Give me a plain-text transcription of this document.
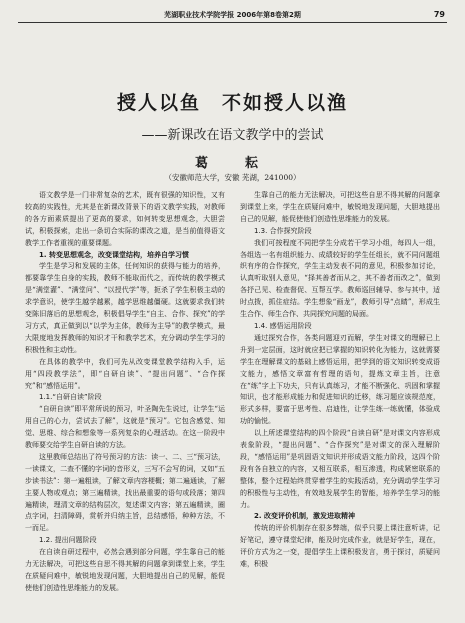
芜湖职业技术学院学报 2006年第8卷第2期	79
授人以鱼　不如授人以渔
——新课改在语文教学中的尝试
葛　耘
（安徽师范大学，安徽 芜湖，241000）

语文教学是一门非常复杂的艺术，既有很强的知识性，又有较高的实践性，尤其是在新课改背景下的语文教学实践，对教师的各方面素质提出了更高的要求，如何转变思想观念，大胆尝试，积极探索，走出一条切合实际的课改之道，是当前值得语文教学工作者重视的重要课题。

1. 转变思想观念，改变课堂结构，培养自学习惯

学生是学习和发展的主体，任何知识的获得与能力的培养，都要靠学生自身的实践，教师不能取而代之，而传统的教学模式是“满堂灌”、“满堂问”、“以授代学”等，扼杀了学生积极主动的求学意识，使学生越学越累，越学思维越僵硬。这就要求我们转变陈旧落后的思想观念，积极倡导学生“自主、合作、探究”的学习方式，真正做到以“以学为主体，教师为主导”的教学模式，最大限度地发挥教师的知识才干和教学艺术，充分调动学生学习的积极性和主动性。

在具体的教学中，我们可先从改变课堂教学结构入手，运用“四段教学法”，即“自研自读”、“提出问题”、“合作探究”和“感悟运用”。

1.1.“自研自读”阶段

“自研自读”即平常所说的预习，叶圣陶先生说过，让学生“运用自己的心力，尝试去了解”，这就是“预习”。它包含感觉、知觉、思维、综合和想象等一系列复杂的心理活动。在这一阶段中教师要交给学生自研自读的方法。

这里教师总结出了符号预习的方法：读一、二、三“预习法，一读课文，二查不懂的字词的音形义，三写不会写的词，又如“五步读书法”：第一遍粗读，了解文章内容梗概；第二遍通读，了解主要人物或观点；第三遍精读，找出最重要的语句或段落；第四遍精读，理清文章的结构层次，复述课文内容；第五遍精读，圈点字词，扫清障碍，赏析并归纳主旨，总结感悟，种种方法，不一而足。

1.2. 提出问题阶段

在自读自研过程中，必然会遇到部分问题，学生靠自己的能力无法解决，可把这些自思不得其解的问题拿到课堂上来，学生在质疑问难中，敏锐地发现问题，大胆地提出自己的见解，能促使他们创造性思维能力的发展。

生靠自己的能力无法解决，可把这些自思不得其解的问题拿到课堂上来，学生在质疑问难中，敏锐地发现问题，大胆地提出自己的见解，能促使他们创造性思维能力的发展。

1.3. 合作探究阶段

我们可按程度不同把学生分成若干学习小组，每四人一组，各组选一名有组织能力、成绩较好的学生任组长，就不同问题组织有序的合作探究，学生主动发表不同的意见，积极参加讨论，认真听取别人意见，“择其善者而从之，其不善者而改之”，做到各抒己见、检查督促、互帮互学。教师巡回辅导、参与其中，适时点拨，抓住症结。学生想象“画龙”，教师引导“点睛”，形成生生合作、师生合作、共同探究问题的局面。

1.4. 感悟运用阶段

通过探究合作，各类问题迎刃而解，学生对课文的理解已上升到一定层面，这时就应把已掌握的知识转化为能力，这就需要学生在理解课文的基础上感悟运用，把学到的语文知识转变成语文能力，感悟文章富有哲理的语句，提炼文章主旨，注意在“练”字上下功夫，只有认真练习，才能不断强化、巩固和掌握知识，也才能形成能力和促进知识的迁移，练习题应该规范度，形式多样，要富于思考性、启迪性，让学生练一练就懂，体验成功的愉悦。

以上所述课堂结构的四个阶段“自读自研”是对课文内容形成表象阶段，“提出问题”、“合作探究”是对课文的深入理解阶段，“感悟运用”是巩固语文知识并形成语文能力阶段，这四个阶段有各自独立的内容，又相互联系，相互渗透，构成紧密联系的整体，整个过程始终贯穿着学生的实践活动，充分调动学生学习的积极性与主动性，有效地发展学生的智能，培养学生学习的能力。

2. 改变评价机制，激发进取精神

传统的评价机制存在很多弊端，似乎只要上课注意听讲，记好笔记，遵守课堂纪律，能及时完成作业，就是好学生，现在，评价方式为之一变，提倡学生上课积极发言，勇于探讨，质疑问难，积极
